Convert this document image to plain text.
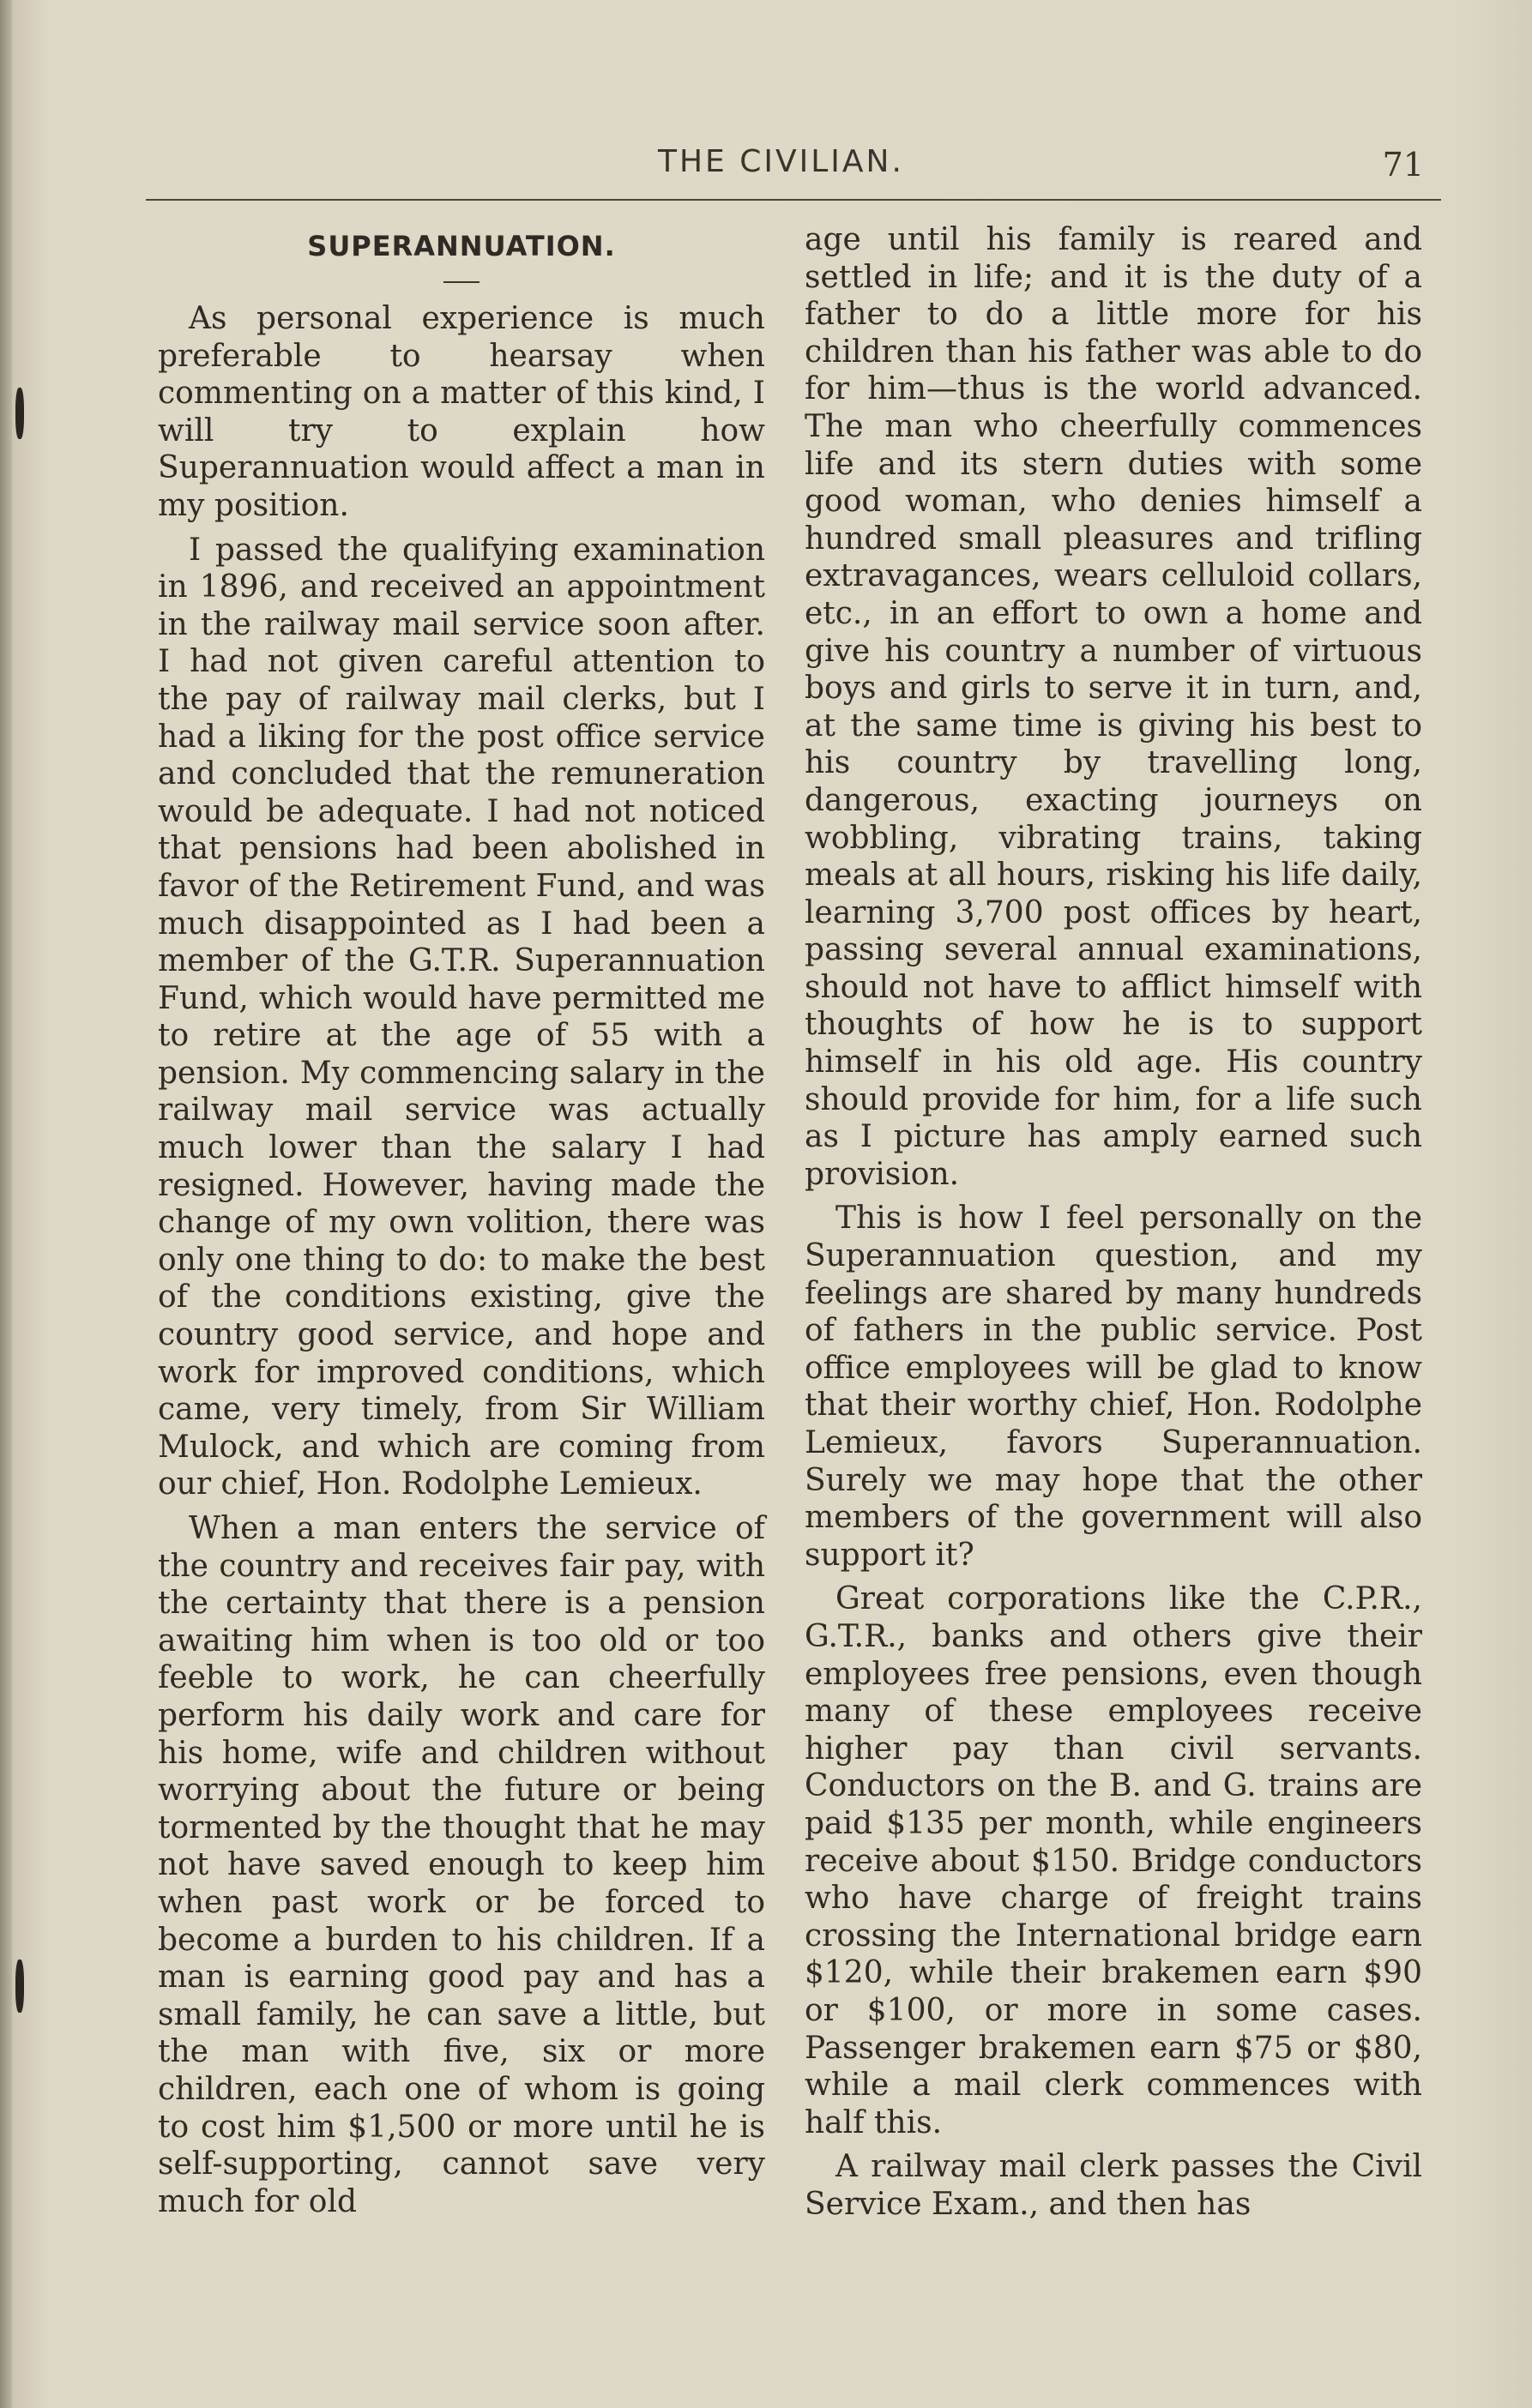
THE CIVILIAN.	71
SUPERANNUATION.

As personal experience is much preferable to hearsay when commenting on a matter of this kind, I will try to explain how Superannuation would affect a man in my position.

I passed the qualifying examination in 1896, and received an appointment in the railway mail service soon after. I had not given careful attention to the pay of railway mail clerks, but I had a liking for the post office service and concluded that the remuneration would be adequate. I had not noticed that pensions had been abolished in favor of the Retirement Fund, and was much disappointed as I had been a member of the G.T.R. Superannuation Fund, which would have permitted me to retire at the age of 55 with a pension. My commencing salary in the railway mail service was actually much lower than the salary I had resigned. However, having made the change of my own volition, there was only one thing to do: to make the best of the conditions existing, give the country good service, and hope and work for improved conditions, which came, very timely, from Sir William Mulock, and which are coming from our chief, Hon. Rodolphe Lemieux.

When a man enters the service of the country and receives fair pay, with the certainty that there is a pension awaiting him when is too old or too feeble to work, he can cheerfully perform his daily work and care for his home, wife and children without worrying about the future or being tormented by the thought that he may not have saved enough to keep him when past work or be forced to become a burden to his children. If a man is earning good pay and has a small family, he can save a little, but the man with five, six or more children, each one of whom is going to cost him $1,500 or more until he is self-supporting, cannot save very much for old

age until his family is reared and settled in life; and it is the duty of a father to do a little more for his children than his father was able to do for him—thus is the world advanced. The man who cheerfully commences life and its stern duties with some good woman, who denies himself a hundred small pleasures and trifling extravagances, wears celluloid collars, etc., in an effort to own a home and give his country a number of virtuous boys and girls to serve it in turn, and, at the same time is giving his best to his country by travelling long, dangerous, exacting journeys on wobbling, vibrating trains, taking meals at all hours, risking his life daily, learning 3,700 post offices by heart, passing several annual examinations, should not have to afflict himself with thoughts of how he is to support himself in his old age. His country should provide for him, for a life such as I picture has amply earned such provision.

This is how I feel personally on the Superannuation question, and my feelings are shared by many hundreds of fathers in the public service. Post office employees will be glad to know that their worthy chief, Hon. Rodolphe Lemieux, favors Superannuation. Surely we may hope that the other members of the government will also support it?

Great corporations like the C.P.R., G.T.R., banks and others give their employees free pensions, even though many of these employees receive higher pay than civil servants. Conductors on the B. and G. trains are paid $135 per month, while engineers receive about $150. Bridge conductors who have charge of freight trains crossing the International bridge earn $120, while their brakemen earn $90 or $100, or more in some cases. Passenger brakemen earn $75 or $80, while a mail clerk commences with half this.

A railway mail clerk passes the Civil Service Exam., and then has
